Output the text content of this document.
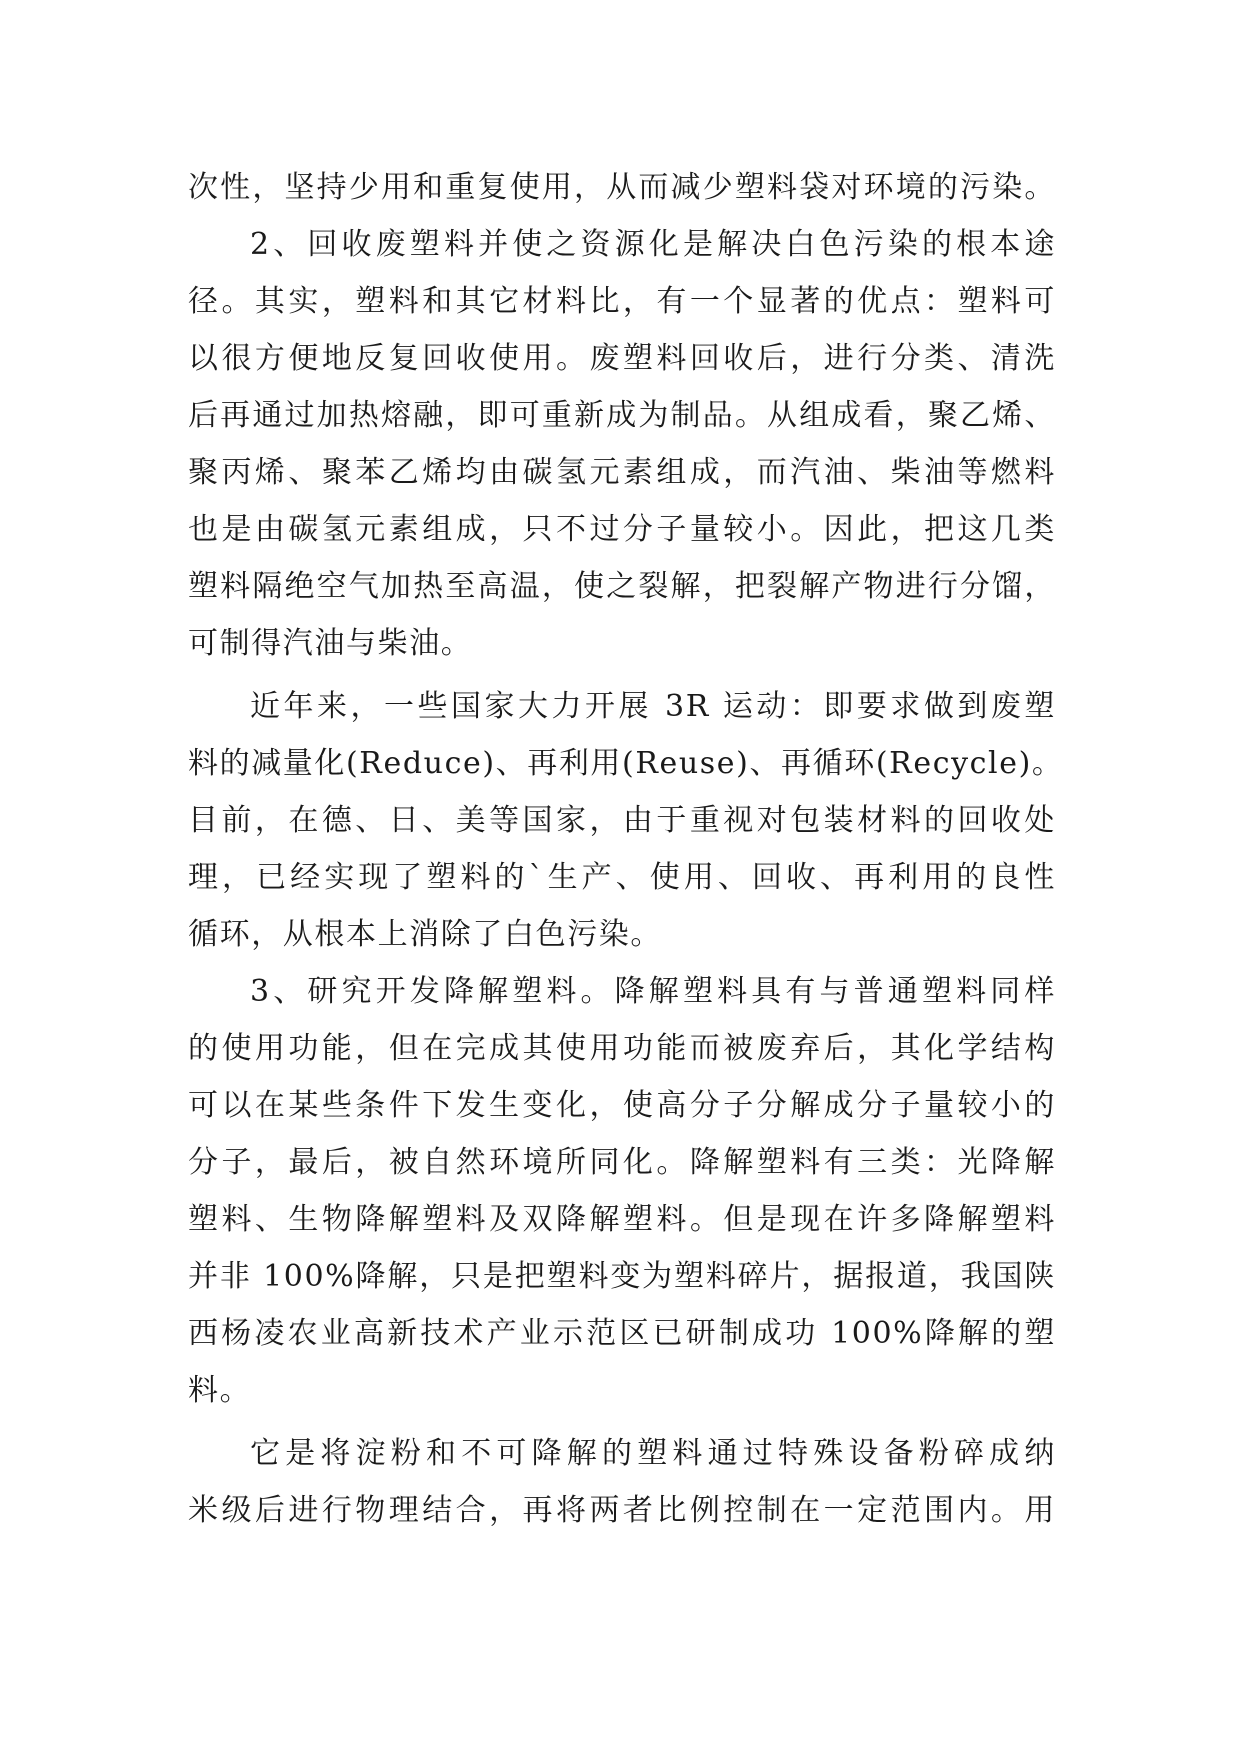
次性，坚持少用和重复使用，从而减少塑料袋对环境的污染。
2、回收废塑料并使之资源化是解决白色污染的根本途
径。其实，塑料和其它材料比，有一个显著的优点：塑料可
以很方便地反复回收使用。废塑料回收后，进行分类、清洗
后再通过加热熔融，即可重新成为制品。从组成看，聚乙烯、
聚丙烯、聚苯乙烯均由碳氢元素组成，而汽油、柴油等燃料
也是由碳氢元素组成，只不过分子量较小。因此，把这几类
塑料隔绝空气加热至高温，使之裂解，把裂解产物进行分馏，
可制得汽油与柴油。
近年来，一些国家大力开展 3R 运动：即要求做到废塑
料的减量化(Reduce)、再利用(Reuse)、再循环(Recycle)。
目前，在德、日、美等国家，由于重视对包装材料的回收处
理，已经实现了塑料的`生产、使用、回收、再利用的良性
循环，从根本上消除了白色污染。
3、研究开发降解塑料。降解塑料具有与普通塑料同样
的使用功能，但在完成其使用功能而被废弃后，其化学结构
可以在某些条件下发生变化，使高分子分解成分子量较小的
分子，最后，被自然环境所同化。降解塑料有三类：光降解
塑料、生物降解塑料及双降解塑料。但是现在许多降解塑料
并非 100%降解，只是把塑料变为塑料碎片，据报道，我国陕
西杨凌农业高新技术产业示范区已研制成功 100%降解的塑
料。
它是将淀粉和不可降解的塑料通过特殊设备粉碎成纳
米级后进行物理结合，再将两者比例控制在一定范围内。用
